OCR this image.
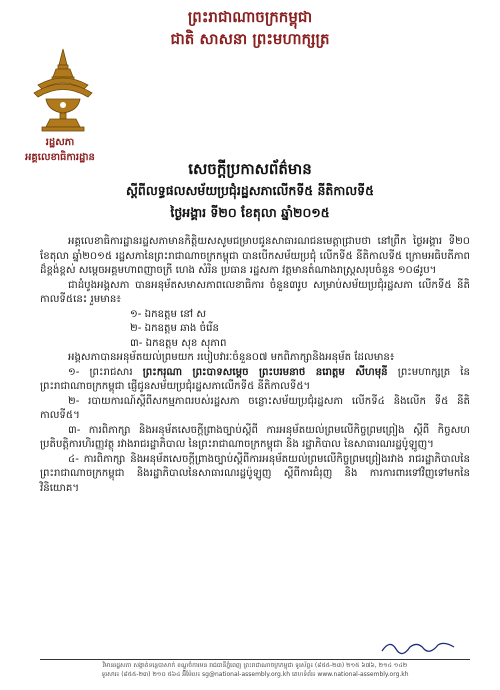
ព្រះរាជាណាចក្រកម្ពុជា
ជាតិ សាសនា ព្រះមហាក្សត្រ
រដ្ឋសភា
អគ្គលេខាធិការដ្ឋាន
សេចក្តីប្រកាសព័ត៌មាន
ស្តីពីលទ្ធផលសម័យប្រជុំរដ្ឋសភាលើកទី៥ នីតិកាលទី៥
ថ្ងៃអង្គារ ទី២០ ខែតុលា ឆ្នាំ២០១៥

អគ្គលេខាធិការដ្ឋានរដ្ឋសភាមានកិត្តិយសសូមជម្រាបជូនសាធារណជនមេត្តាជ្រាបថា នៅព្រឹក ថ្ងៃអង្គារ ទី២០ ខែតុលា ឆ្នាំ២០១៥ រដ្ឋសភានៃព្រះរាជាណាចក្រកម្ពុជា បានបើកសម័យប្រជុំ លើកទី៥ នីតិកាលទី៥ ក្រោមអធិបតីភាពដ៏ខ្ពង់ខ្ពស់ សម្តេចអគ្គមហាពញាចក្រី ហេង សំរិន ប្រធាន រដ្ឋសភា វត្តមានតំណាងរាស្ត្រសរុបចំនួន ១០៨រូប។

ជាដំបូងអង្គសភា បានអនុម័តសមាសភាពលេខាធិការ ចំនួន៣រូប សម្រាប់សម័យប្រជុំរដ្ឋសភា លើកទី៥ នីតិកាលទី៥នេះ រួមមាន៖

១- ឯកឧត្តម នៅ ស
២- ឯកឧត្តម ឆាង ចំរើន
៣- ឯកឧត្តម សុខ សុភាព

អង្គសភាបានអនុម័តយល់ព្រមយក របៀបវារៈចំនួន០៧ មកពិភាក្សានិងអនុម័ត ដែលមាន៖

១- ព្រះរាជសារ ព្រះករុណា ព្រះបាទសម្តេច ព្រះបរមនាថ នរោត្តម សីហមុនី ព្រះមហាក្សត្រ នៃព្រះរាជាណាចក្រកម្ពុជា ផ្ញើជូនសម័យប្រជុំរដ្ឋសភាលើកទី៥ នីតិកាលទី៥។

២- របាយការណ៍ស្តីពីសកម្មភាពរបស់រដ្ឋសភា ចន្លោះសម័យប្រជុំរដ្ឋសភា លើកទី៤ និងលើក ទី៥ នីតិកាលទី៥។

៣- ការពិភាក្សា និងអនុម័តសេចក្តីព្រាងច្បាប់ស្តីពី ការអនុម័តយល់ព្រមលើកិច្ចព្រមព្រៀង ស្តីពី កិច្ចសហប្រតិបត្តិការហិរញ្ញវត្ថុ រវាងរាជរដ្ឋាភិបាល នៃព្រះរាជាណាចក្រកម្ពុជា និង រដ្ឋាភិបាល នៃសាធារណរដ្ឋប៉ូឡូញ។

៤- ការពិភាក្សា និងអនុម័តសេចក្តីព្រាងច្បាប់ស្តីពីការអនុម័តយល់ព្រមលើកិច្ចព្រមព្រៀងរវាង រាជរដ្ឋាភិបាលនៃព្រះរាជាណាចក្រកម្ពុជា និងរដ្ឋាភិបាលនៃសាធារណរដ្ឋប៉ូឡូញ ស្តីពីការជំរុញ និង ការការពារទៅវិញទៅមកនៃវិនិយោគ។

វិមានរដ្ឋសភា សង្កាត់ទន្លេបាសាក់ ខណ្ឌចំការមន រាជធានីភ្នំពេញ ព្រះរាជាណាចក្រកម្ពុជា ទូរស័ព្ទ៖ (៨៥៥-២៣) ២១៥ ៦៧៦, ២១៤ ១៤២
ទូរសារ៖ (៨៥៥-២៣) ២១០ ៥៦៤ អ៊ីម៉ែល៖ sg@national-assembly.org.kh គេហទំព័រ៖ www.national-assembly.org.kh
